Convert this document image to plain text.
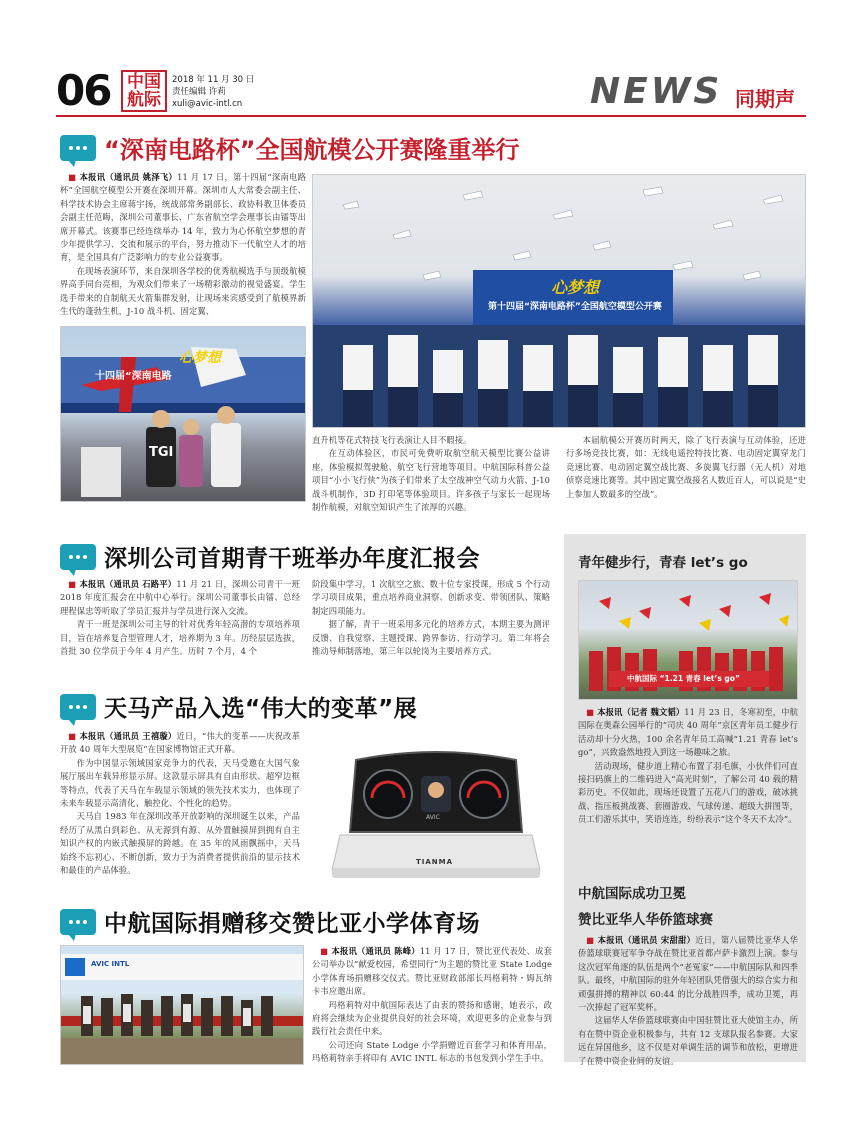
06 中国
航际
2018 年 11 月 30 日
责任编辑 许莉
xuli@avic-intl.cn	NEWS 同期声
“深南电路杯”全国航模公开赛隆重举行

■ 本报讯（通讯员 姚泽飞）11 月 17 日，第十四届“深南电路杯”全国航空模型公开赛在深圳开幕。深圳市人大常委会副主任、科学技术协会主席蒋宇扬，统战部常务副部长、政协科教卫体委员会副主任范晦，深圳公司董事长、广东省航空学会理事长由镭等出席开幕式。该赛事已经连续举办 14 年，致力为心怀航空梦想的青少年提供学习、交流和展示的平台，努力推动下一代航空人才的培育，是全国具有广泛影响力的专业公益赛事。

在现场表演环节，来自深圳各学校的优秀航模选手与顶级航模界高手同台亮相，为观众们带来了一场精彩激动的视觉盛宴。学生选手带来的自制航天火箭集群发射，让现场来宾感受到了航模界新生代的蓬勃生机，J-10 战斗机、固定翼、

心梦想
十四届“深南电路
TGI
心梦想
第十四届“深南电路杯”全国航空模型公开赛

直升机等花式特技飞行表演让人目不暇接。

在互动体验区，市民可免费听取航空航天模型比赛公益讲座，体验模拟驾驶舱、航空飞行营地等项目。中航国际科普公益项目“小小飞行侠”为孩子们带来了太空战神空气动力火箭、J-10 战斗机制作，3D 打印笔等体验项目。许多孩子与家长一起现场制作航模，对航空知识产生了浓厚的兴趣。

本届航模公开赛历时两天，除了飞行表演与互动体验，还进行多场竞技比赛，如：无线电遥控特技比赛、电动固定翼穿龙门竞速比赛、电动固定翼空战比赛、多旋翼飞行器（无人机）对地侦察竞速比赛等。其中固定翼空战接名人数近百人，可以说是“史上参加人数最多的空战”。

深圳公司首期青干班举办年度汇报会

■ 本报讯（通讯员 石路平）11 月 21 日，深圳公司青干一班 2018 年度汇报会在中航中心举行。深圳公司董事长由镭、总经理程保忠等听取了学员汇报并与学员进行深入交流。

青干一班是深圳公司主导的针对优秀年轻高潜的专项培养项目，旨在培养复合型管理人才，培养期为 3 年。历经层层选拔，首批 30 位学员于今年 4 月产生。历时 7 个月，4 个

阶段集中学习，1 次航空之旅、数十位专家授课，形成 5 个行动学习项目成果，重点培养商业洞察、创新求变、带领团队、策略制定四项能力。

据了解，青干一班采用多元化的培养方式，本期主要为测评反馈、自我觉察、主题授课、跨界参访、行动学习。第二年将会推动导师制落地，第三年以轮岗为主要培养方式。

天马产品入选“伟大的变革”展

■ 本报讯（通讯员 王禧璇）近日，“伟大的变革——庆祝改革开放 40 周年大型展览”在国家博物馆正式开幕。

作为中国显示领域国家竞争力的代表，天马受邀在大国气象展厅展出车载异形显示屏。这款显示屏具有自由形状、超窄边框等特点，代表了天马在车载显示领域的领先技术实力，也体现了未来车载显示高清化、触控化、个性化的趋势。

天马自 1983 年在深圳改革开放影响的深圳诞生以来，产品经历了从黑白到彩色、从无源到有源、从外置触摸屏到拥有自主知识产权的内嵌式触摸屏的跨越。在 35 年的风雨飘摇中，天马始终不忘初心、不断创新，致力于为消费者提供前沿的显示技术和最佳的产品体验。

AVIC
TIANMA
中航国际捐赠移交赞比亚小学体育场
AVIC INTL

■ 本报讯（通讯员 陈峰）11 月 17 日，赞比亚代表处、成套公司举办以“献爱校园，希望同行”为主题的赞比亚 State Lodge 小学体育场捐赠移交仪式。赞比亚财政部部长玛格莉特・姆瓦纳卡韦应邀出席。

玛格莉特对中航国际表达了由衷的赞扬和感谢，她表示，政府将会继续为企业提供良好的社会环境，欢迎更多的企业参与到践行社会责任中来。

公司还向 State Lodge 小学捐赠近百套学习和体育用品，玛格莉特亲手将印有 AVIC INTL 标志的书包发到小学生手中。

青年健步行，青春 let’s go
中航国际 “1.21 青春 let’s go”

■ 本报讯（记者 魏文韬）11 月 23 日，冬寒初至，中航国际在奥森公园举行的“司庆 40 周年”京区青年员工健步行活动却十分火热，100 余名青年员工高喊“1.21 青春 let’s go”，兴致盎然地投入到这一场趣味之旅。

活动现场，健步道上精心布置了羽毛旗，小伙伴们可直接扫码旗上的二维码进入“高光时刻”，了解公司 40 载的精彩历史。不仅如此，现场还设置了五花八门的游戏，破冰挑战、指压板挑战赛、套圈游戏、气球传递、超级大拼图等，员工们游乐其中，笑语连连，纷纷表示“这个冬天不太冷”。

中航国际成功卫冕
赞比亚华人华侨篮球赛

■ 本报讯（通讯员 宋甜甜）近日，第八届赞比亚华人华侨篮球联赛冠军争夺战在赞比亚首都卢萨卡激烈上演。参与这次冠军角逐的队伍是两个“老冤家”——中航国际队和四季队。最终，中航国际的驻外年轻团队凭借强大的综合实力和顽强拼搏的精神以 60:44 的比分战胜四季，成功卫冕，再一次捧起了冠军奖杯。

这届华人华侨篮球联赛由中国驻赞比亚大使馆主办，所有在赞中资企业积极参与，共有 12 支球队报名参赛。大家远在异国他乡，这不仅是对单调生活的调节和放松，更增进了在赞中资企业间的友谊。
